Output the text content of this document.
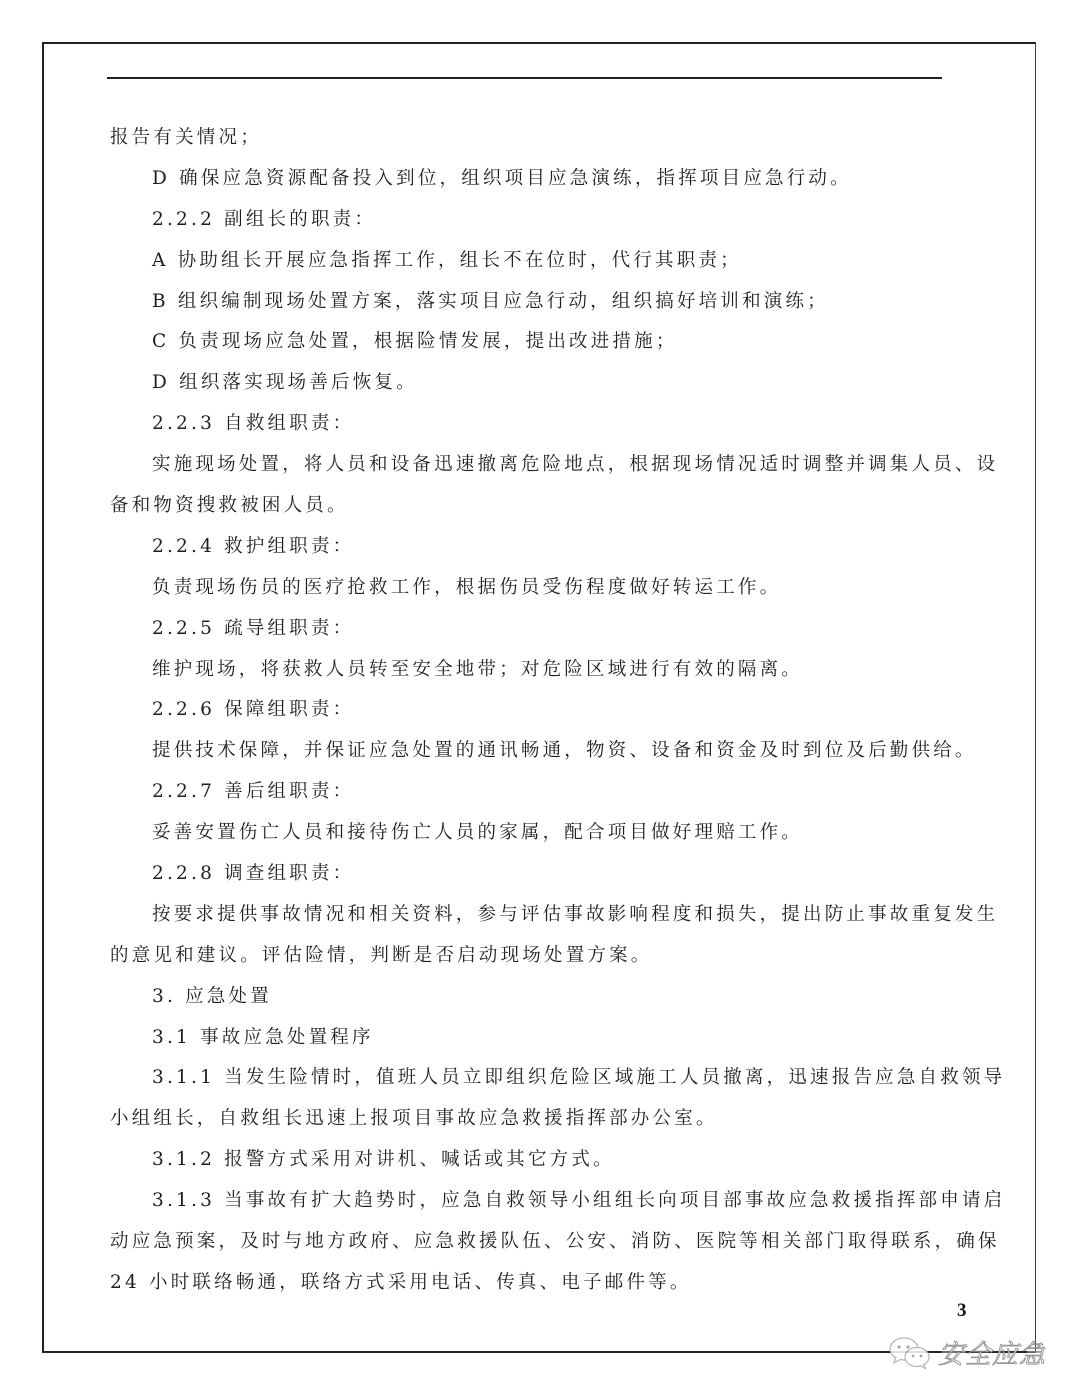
报告有关情况；
D 确保应急资源配备投入到位，组织项目应急演练，指挥项目应急行动。
2.2.2 副组长的职责：
A 协助组长开展应急指挥工作，组长不在位时，代行其职责；
B 组织编制现场处置方案，落实项目应急行动，组织搞好培训和演练；
C 负责现场应急处置，根据险情发展，提出改进措施；
D 组织落实现场善后恢复。
2.2.3 自救组职责：
实施现场处置，将人员和设备迅速撤离危险地点，根据现场情况适时调整并调集人员、设
备和物资搜救被困人员。
2.2.4 救护组职责：
负责现场伤员的医疗抢救工作，根据伤员受伤程度做好转运工作。
2.2.5 疏导组职责：
维护现场，将获救人员转至安全地带；对危险区域进行有效的隔离。
2.2.6 保障组职责：
提供技术保障，并保证应急处置的通讯畅通，物资、设备和资金及时到位及后勤供给。
2.2.7 善后组职责：
妥善安置伤亡人员和接待伤亡人员的家属，配合项目做好理赔工作。
2.2.8 调查组职责：
按要求提供事故情况和相关资料，参与评估事故影响程度和损失，提出防止事故重复发生
的意见和建议。评估险情，判断是否启动现场处置方案。
3. 应急处置
3.1 事故应急处置程序
3.1.1 当发生险情时，值班人员立即组织危险区域施工人员撤离，迅速报告应急自救领导
小组组长，自救组长迅速上报项目事故应急救援指挥部办公室。
3.1.2 报警方式采用对讲机、喊话或其它方式。
3.1.3 当事故有扩大趋势时，应急自救领导小组组长向项目部事故应急救援指挥部申请启
动应急预案，及时与地方政府、应急救援队伍、公安、消防、医院等相关部门取得联系，确保
24 小时联络畅通，联络方式采用电话、传真、电子邮件等。
3
安全应急
